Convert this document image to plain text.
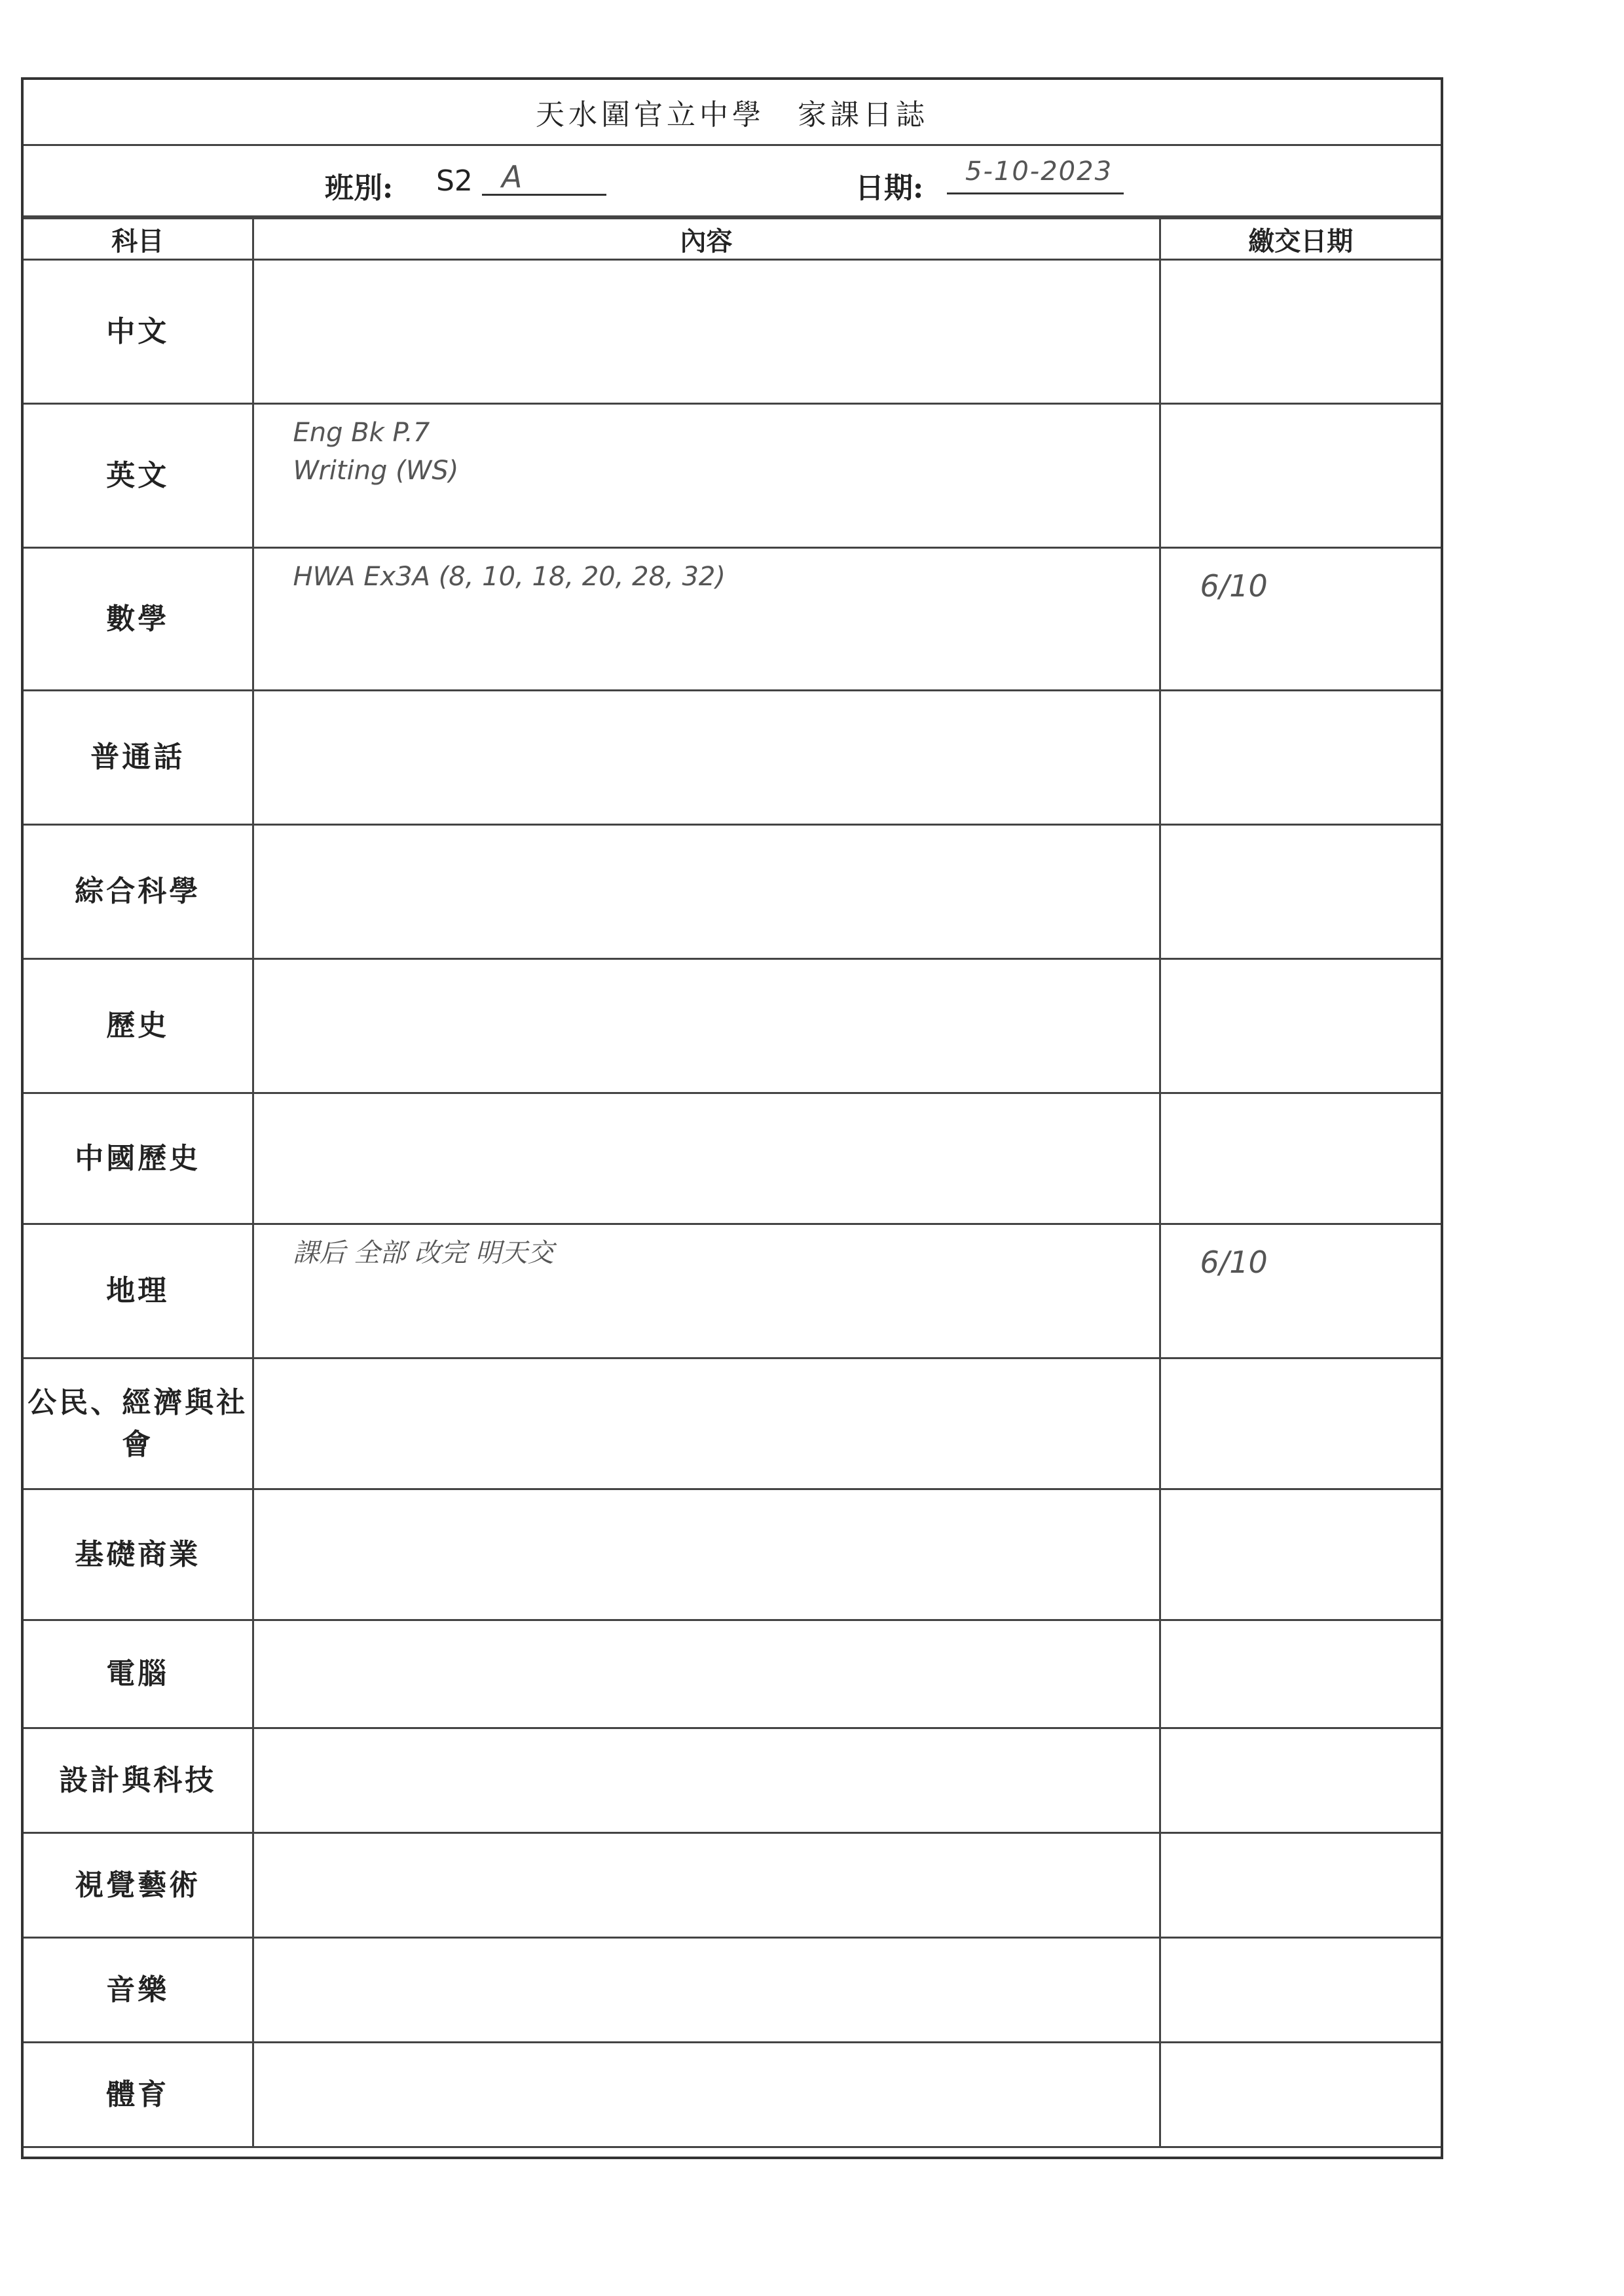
天水圍官立中學　家課日誌
班別: S2 A	日期:	5-10-2023
科目	內容	繳交日期
中文		
英文	Eng Bk P.7
Writing (WS)	
數學	HWA Ex3A (8, 10, 18, 20, 28, 32)	6/10
普通話		
綜合科學		
歷史		
中國歷史		
地理	課后 全部 改完 明天交	6/10
公民、經濟與社會		
基礎商業		
電腦		
設計與科技		
視覺藝術		
音樂		
體育		
